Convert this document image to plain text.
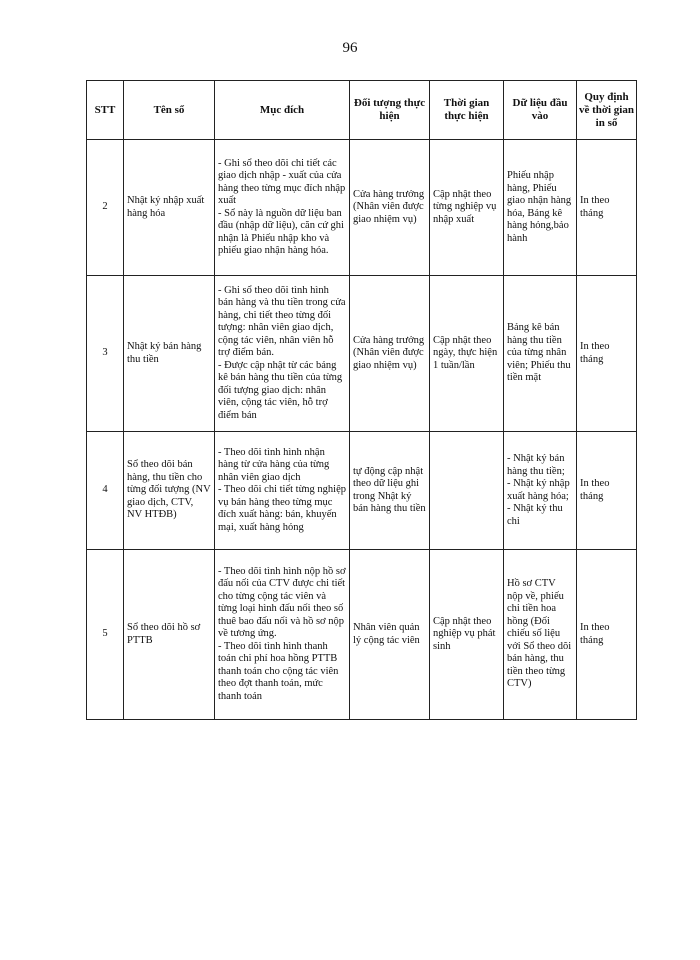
96
STT	Tên sổ	Mục đích	Đối tượng thực hiện	Thời gian thực hiện	Dữ liệu đầu vào	Quy định về thời gian in sổ
2	Nhật ký nhập xuất hàng hóa	- Ghi sổ theo dõi chi tiết các giao dịch nhập - xuất của cửa hàng theo từng mục đích nhập xuất
- Sổ này là nguồn dữ liệu ban đầu (nhập dữ liệu), căn cứ ghi nhận là Phiếu nhập kho và phiếu giao nhận hàng hóa.	Cửa hàng trưởng (Nhân viên được giao nhiệm vụ)	Cập nhật theo từng nghiệp vụ nhập xuất	Phiếu nhập hàng, Phiếu giao nhận hàng hóa, Bảng kê hàng hỏng,bảo hành	In theo tháng
3	Nhật ký bán hàng thu tiền	- Ghi sổ theo dõi tình hình bán hàng và thu tiền trong cửa hàng, chi tiết theo từng đối tượng: nhân viên giao dịch, cộng tác viên, nhân viên hỗ trợ điểm bán.
- Được cập nhật từ các bảng kê bán hàng thu tiền của từng đối tượng giao dịch: nhân viên, cộng tác viên, hỗ trợ điểm bán	Cửa hàng trưởng (Nhân viên được giao nhiệm vụ)	Cập nhật theo ngày, thực hiện 1 tuần/lần	Bảng kê bán hàng thu tiền của từng nhân viên; Phiếu thu tiền mặt	In theo tháng
4	Sổ theo dõi bán hàng, thu tiền cho từng đối tượng (NV giao dịch, CTV, NV HTĐB)	- Theo dõi tình hình nhận hàng từ cửa hàng của từng nhân viên giao dịch
- Theo dõi chi tiết từng nghiệp vụ bán hàng theo từng mục đích xuất hàng: bán, khuyến mại, xuất hàng hỏng	tự động cập nhật theo dữ liệu ghi trong Nhật ký bán hàng thu tiền		- Nhật ký bán hàng thu tiền;
- Nhật ký nhập xuất hàng hóa;
- Nhật ký thu chi	In theo tháng
5	Sổ theo dõi hồ sơ PTTB	- Theo dõi tình hình nộp hồ sơ đấu nối của CTV được chi tiết cho từng cộng tác viên và từng loại hình đấu nối theo số thuê bao đấu nối và hồ sơ nộp về tương ứng.
- Theo dõi tình hình thanh toán chi phí hoa hồng PTTB thanh toán cho cộng tác viên theo đợt thanh toán, mức thanh toán	Nhân viên quản lý cộng tác viên	Cập nhật theo nghiệp vụ phát sinh	Hồ sơ CTV nộp về, phiếu chi tiền hoa hồng (Đối chiếu số liệu với Sổ theo dõi bán hàng, thu tiền theo từng CTV)	In theo tháng
